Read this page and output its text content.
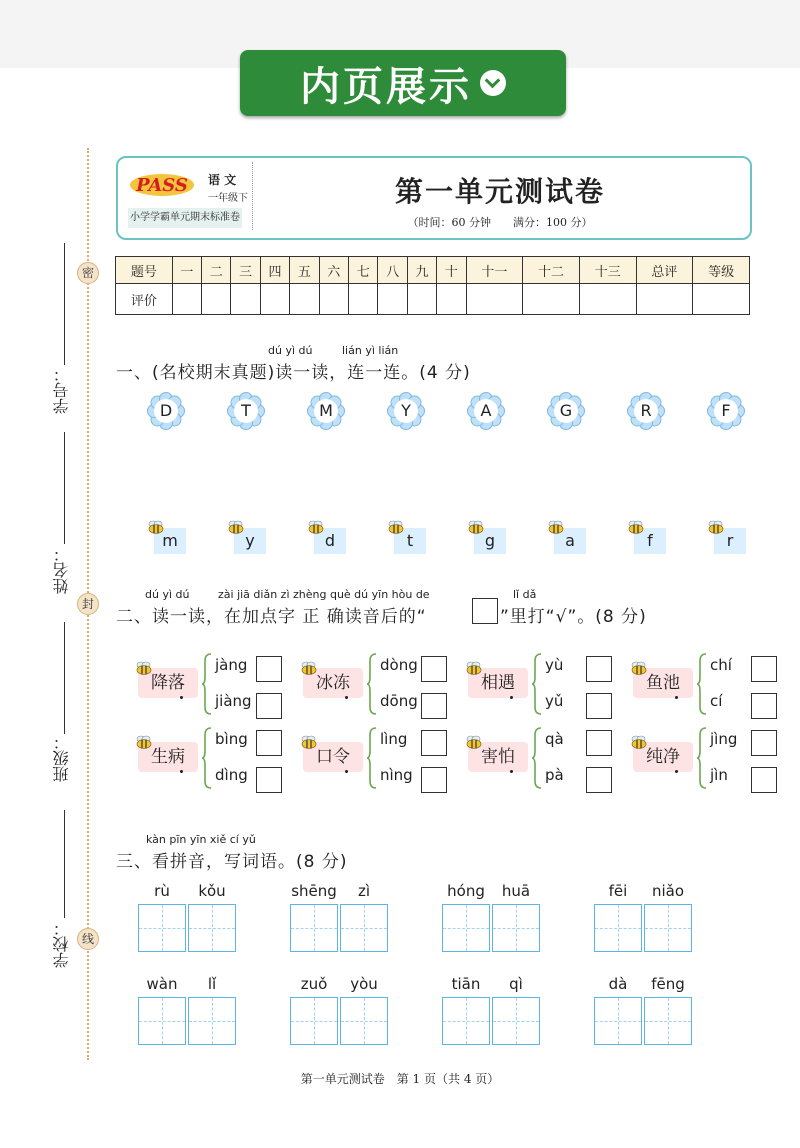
内页展示
密
封
线
学号：
姓名：
班级：
学校：
PASS 语 文
一年级下
小学学霸单元期末标准卷
第一单元测试卷
（时间：60 分钟　　满分：100 分）
题号	一	二	三	四	五	六	七	八	九	十	十一	十二	十三	总评	等级
评价															
dú yì dú	lián yì lián
一、(名校期末真题)读一读，连一连。(4 分)
D	T	M	Y	A	G	R	F
m	y	d	t	g	a	f	r
dú yì dú	zài jiā diǎn zì zhèng què dú yīn hòu de	lǐ dǎ
二、读一读，在加点字 正 确读音后的“	”里打“√”。(8 分)
降落
jàng
jiàng
冰冻
dòng
dōng
相遇
yù
yǔ
鱼池
chí
cí
生病
bìng
dìng
口令
lìng
nìng
害怕
qà
pà
纯净
jìng
jìn
kàn pīn yīn xiě cí yǔ
三、看拼音，写词语。(8 分)
rù kǒu	shēng zì	hóng huā	fēi niǎo
wàn lǐ	zuǒ yòu	tiān qì	dà fēng
第一单元测试卷　第 1 页（共 4 页）
